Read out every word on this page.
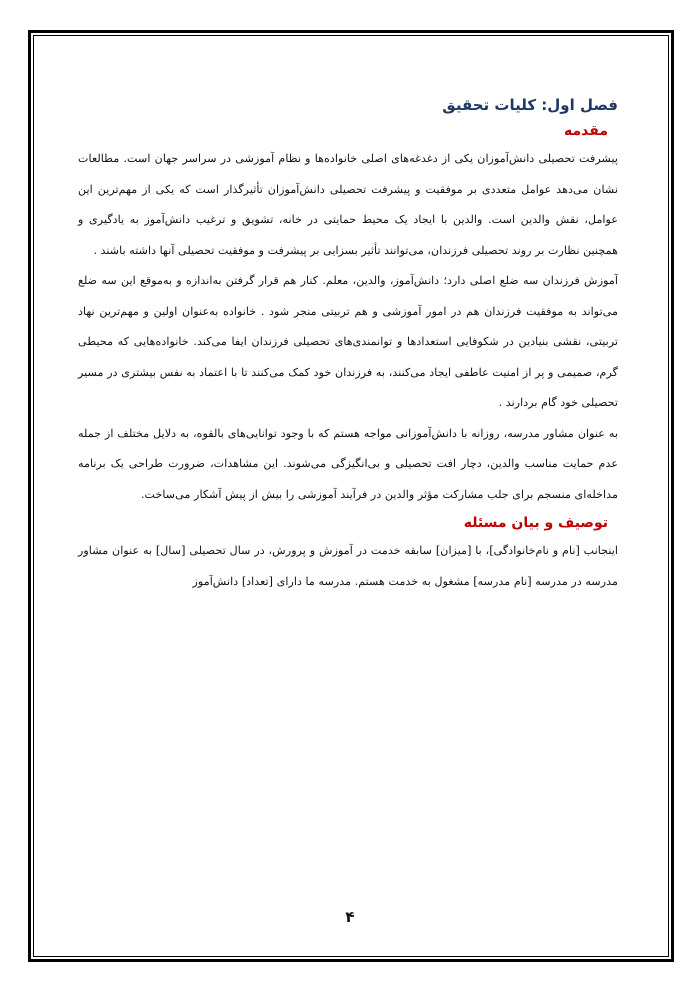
فصل اول: کلیات تحقیق
مقدمه

پیشرفت تحصیلی دانش‌آموزان یکی از دغدغه‌های اصلی خانواده‌ها و نظام آموزشی در سراسر جهان است. مطالعات نشان می‌دهد عوامل متعددی بر موفقیت و پیشرفت تحصیلی دانش‌آموزان تأثیرگذار است که یکی از مهم‌ترین این عوامل، نقش والدین است. والدین با ایجاد یک محیط حمایتی در خانه، تشویق و ترغیب دانش‌آموز به یادگیری و همچنین نظارت بر روند تحصیلی فرزندان، می‌توانند تأثیر بسزایی بر پیشرفت و موفقیت تحصیلی آنها داشته باشند .

آموزش فرزندان سه ضلع اصلی دارد؛ دانش‌آموز، والدین، معلم. کنار هم قرار گرفتن به‌اندازه و به‌موقع این سه ضلع می‌تواند به موفقیت فرزندان هم در امور آموزشی و هم تربیتی منجر شود . خانواده به‌عنوان اولین و مهم‌ترین نهاد تربیتی، نقشی بنیادین در شکوفایی استعدادها و توانمندی‌های تحصیلی فرزندان ایفا می‌کند. خانواده‌هایی که محیطی گرم، صمیمی و پر از امنیت عاطفی ایجاد می‌کنند، به فرزندان خود کمک می‌کنند تا با اعتماد به نفس بیشتری در مسیر تحصیلی خود گام بردارند .

به عنوان مشاور مدرسه، روزانه با دانش‌آموزانی مواجه هستم که با وجود توانایی‌های بالقوه، به دلایل مختلف از جمله عدم حمایت مناسب والدین، دچار افت تحصیلی و بی‌انگیزگی می‌شوند. این مشاهدات، ضرورت طراحی یک برنامه مداخله‌ای منسجم برای جلب مشارکت مؤثر والدین در فرآیند آموزشی را بیش از پیش آشکار می‌ساخت.

توصیف و بیان مسئله

اینجانب [نام و نام‌خانوادگی]، با [میزان] سابقه خدمت در آموزش و پرورش، در سال تحصیلی [سال] به عنوان مشاور مدرسه در مدرسه [نام مدرسه] مشغول به خدمت هستم. مدرسه ما دارای [تعداد] دانش‌آموز

۴
